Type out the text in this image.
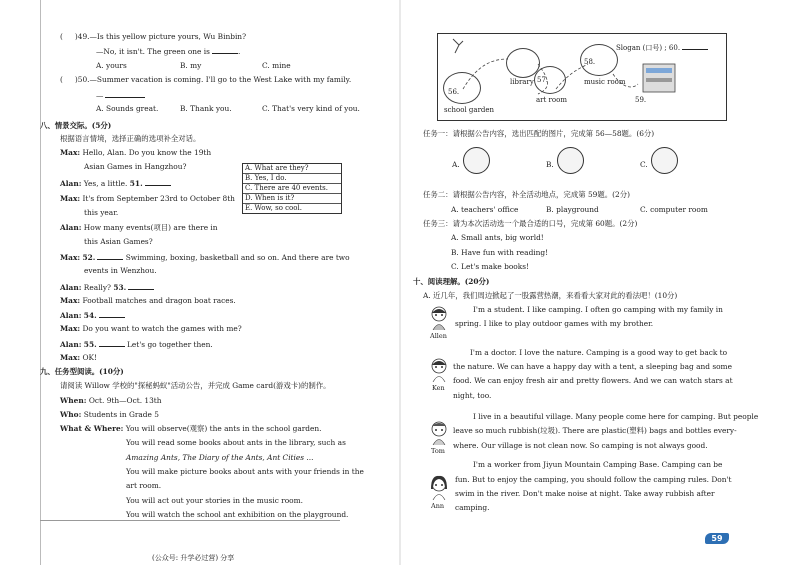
( )49.—Is this yellow picture yours, Wu Binbin?
—No, it isn't. The green one is	.
A. yours	B. my	C. mine
( )50.—Summer vacation is coming. I'll go to the West Lake with my family.
—
A. Sounds great.	B. Thank you.	C. That's very kind of you.
八、情景交际。(5分)
根据语言情境，选择正确的选项补全对话。
Max: Hello, Alan. Do you know the 19th
Asian Games in Hangzhou?
Alan: Yes, a little. 51.
Max: It's from September 23rd to October 8th
this year.
Alan: How many events(项目) are there in
this Asian Games?
Max: 52.	Swimming, boxing, basketball and so on. And there are two
events in Wenzhou.
Alan: Really? 53.
Max: Football matches and dragon boat races.
Alan: 54.
Max: Do you want to watch the games with me?
Alan: 55.	Let's go together then.
Max: OK!
A. What are they?
B. Yes, I do.
C. There are 40 events.
D. When is it?
E. Wow, so cool.
九、任务型阅读。(10分)
请阅读 Willow 学校的"探秘蚂蚁"活动公告，并完成 Game card(游戏卡)的制作。
When: Oct. 9th—Oct. 13th
Who: Students in Grade 5
What & Where: You will observe(观察) the ants in the school garden.
You will read some books about ants in the library, such as
Amazing Ants, The Diary of the Ants, Ant Cities ...
You will make picture books about ants with your friends in the
art room.
You will act out your stories in the music room.
You will watch the school ant exhibition on the playground.
(公众号: 升学必过营) 分享
56.
school garden
library 57.
art room
58.
music room
59.
Slogan (口号) ; 60.
任务一：请根据公告内容，选出匹配的图片，完成第 56—58题。(6分)
A.	B.	C.
任务二：请根据公告内容，补全活动地点，完成第 59题。(2分)
A. teachers' office	B. playground	C. computer room
任务三：请为本次活动选一个最合适的口号，完成第 60题。(2分)
A. Small ants, big world!
B. Have fun with reading!
C. Let's make books!
十、阅读理解。(20分)
A. 近几年，我们周边掀起了一股露营热潮，来看看大家对此的看法吧！(10分)
Allen
I'm a student. I like camping. I often go camping with my family in
spring. I like to play outdoor games with my brother.
Ken
I'm a doctor. I love the nature. Camping is a good way to get back to
the nature. We can have a happy day with a tent, a sleeping bag and some
food. We can enjoy fresh air and pretty flowers. And we can watch stars at
night, too.
Tom
I live in a beautiful village. Many people come here for camping. But people
leave so much rubbish(垃圾). There are plastic(塑料) bags and bottles every-
where. Our village is not clean now. So camping is not always good.
Ann
I'm a worker from Jiyun Mountain Camping Base. Camping can be
fun. But to enjoy the camping, you should follow the camping rules. Don't
swim in the river. Don't make noise at night. Take away rubbish after
camping.
59
